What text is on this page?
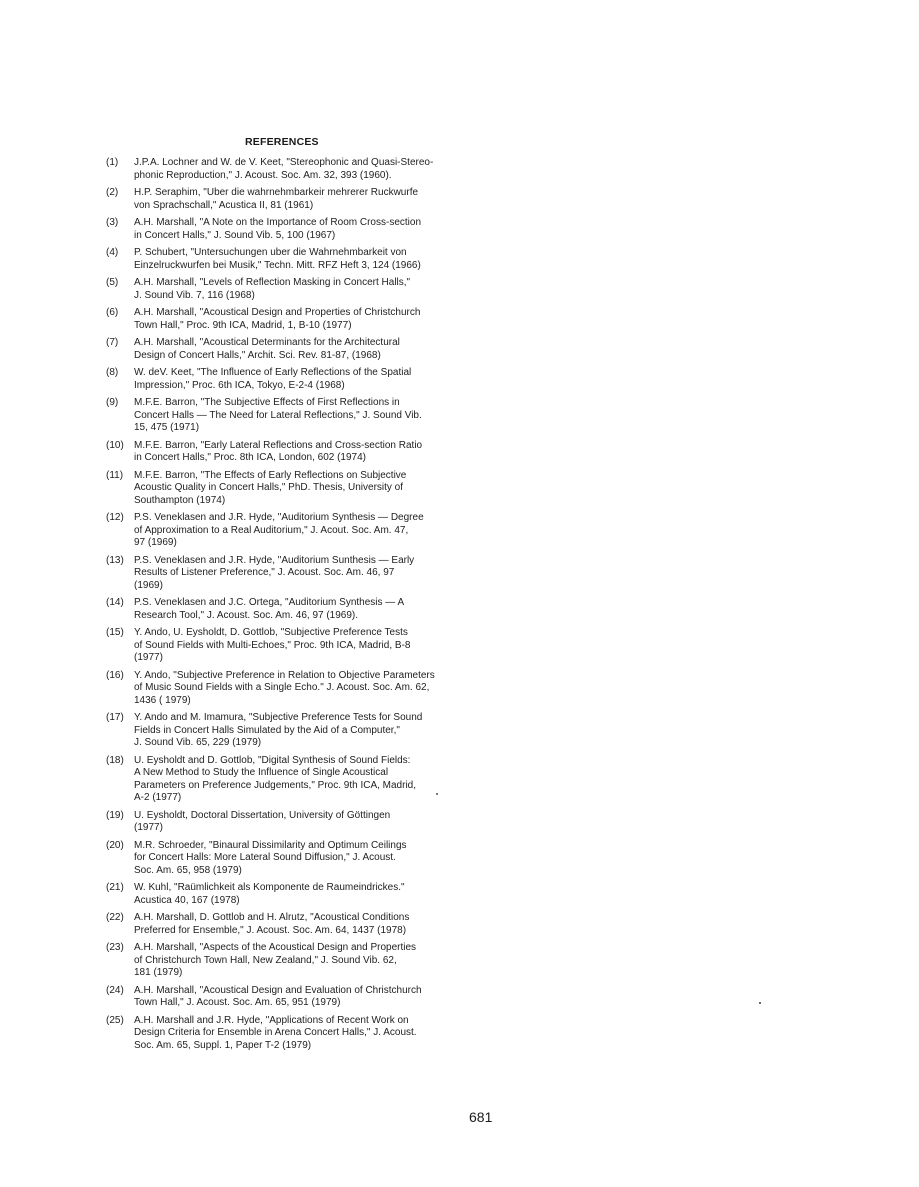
REFERENCES
(1)	J.P.A. Lochner and W. de V. Keet, "Stereophonic and Quasi-Stereo-
phonic Reproduction," J. Acoust. Soc. Am. 32, 393 (1960).
(2)	H.P. Seraphim, "Uber die wahrnehmbarkeir mehrerer Ruckwurfe
von Sprachschall," Acustica II, 81 (1961)
(3)	A.H. Marshall, "A Note on the Importance of Room Cross-section
in Concert Halls," J. Sound Vib. 5, 100 (1967)
(4)	P. Schubert, "Untersuchungen uber die Wahrnehmbarkeit von
Einzelruckwurfen bei Musik," Techn. Mitt. RFZ Heft 3, 124 (1966)
(5)	A.H. Marshall, "Levels of Reflection Masking in Concert Halls,"
J. Sound Vib. 7, 116 (1968)
(6)	A.H. Marshall, "Acoustical Design and Properties of Christchurch
Town Hall," Proc. 9th ICA, Madrid, 1, B-10 (1977)
(7)	A.H. Marshall, "Acoustical Determinants for the Architectural
Design of Concert Halls," Archit. Sci. Rev. 81-87, (1968)
(8)	W. deV. Keet, "The Influence of Early Reflections of the Spatial
Impression," Proc. 6th ICA, Tokyo, E-2-4 (1968)
(9)	M.F.E. Barron, "The Subjective Effects of First Reflections in
Concert Halls — The Need for Lateral Reflections," J. Sound Vib.
15, 475 (1971)
(10)	M.F.E. Barron, "Early Lateral Reflections and Cross-section Ratio
in Concert Halls," Proc. 8th ICA, London, 602 (1974)
(11)	M.F.E. Barron, "The Effects of Early Reflections on Subjective
Acoustic Quality in Concert Halls," PhD. Thesis, University of
Southampton (1974)
(12)	P.S. Veneklasen and J.R. Hyde, "Auditorium Synthesis — Degree
of Approximation to a Real Auditorium," J. Acout. Soc. Am. 47,
97 (1969)
(13)	P.S. Veneklasen and J.R. Hyde, "Auditorium Sunthesis — Early
Results of Listener Preference," J. Acoust. Soc. Am. 46, 97
(1969)
(14)	P.S. Veneklasen and J.C. Ortega, "Auditorium Synthesis — A
Research Tool," J. Acoust. Soc. Am. 46, 97 (1969).
(15)	Y. Ando, U. Eysholdt, D. Gottlob, "Subjective Preference Tests
of Sound Fields with Multi-Echoes," Proc. 9th ICA, Madrid, B-8
(1977)
(16)	Y. Ando, "Subjective Preference in Relation to Objective Parameters
of Music Sound Fields with a Single Echo." J. Acoust. Soc. Am. 62,
1436 ( 1979)
(17)	Y. Ando and M. Imamura, "Subjective Preference Tests for Sound
Fields in Concert Halls Simulated by the Aid of a Computer,"
J. Sound Vib. 65, 229 (1979)
(18)	U. Eysholdt and D. Gottlob, "Digital Synthesis of Sound Fields:
A New Method to Study the Influence of Single Acoustical
Parameters on Preference Judgements," Proc. 9th ICA, Madrid,
A-2 (1977)
(19)	U. Eysholdt, Doctoral Dissertation, University of Göttingen
(1977)
(20)	M.R. Schroeder, "Binaural Dissimilarity and Optimum Ceilings
for Concert Halls: More Lateral Sound Diffusion," J. Acoust.
Soc. Am. 65, 958 (1979)
(21)	W. Kuhl, "Raümlichkeit als Komponente de Raumeindrickes."
Acustica 40, 167 (1978)
(22)	A.H. Marshall, D. Gottlob and H. Alrutz, "Acoustical Conditions
Preferred for Ensemble," J. Acoust. Soc. Am. 64, 1437 (1978)
(23)	A.H. Marshall, "Aspects of the Acoustical Design and Properties
of Christchurch Town Hall, New Zealand," J. Sound Vib. 62,
181 (1979)
(24)	A.H. Marshall, "Acoustical Design and Evaluation of Christchurch
Town Hall," J. Acoust. Soc. Am. 65, 951 (1979)
(25)	A.H. Marshall and J.R. Hyde, "Applications of Recent Work on
Design Criteria for Ensemble in Arena Concert Halls," J. Acoust.
Soc. Am. 65, Suppl. 1, Paper T-2 (1979)
681
